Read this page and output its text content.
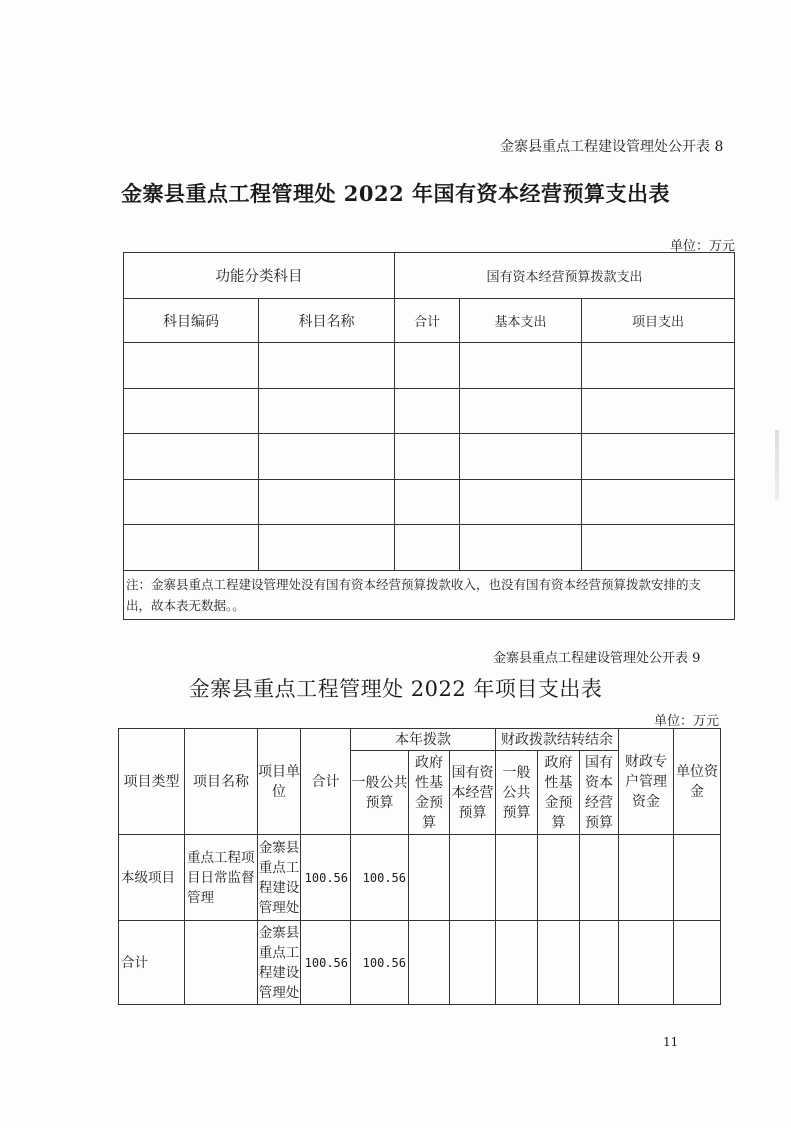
金寨县重点工程建设管理处公开表 8
金寨县重点工程管理处 2022 年国有资本经营预算支出表
单位：万元
功能分类科目		国有资本经营预算拨款支出		
科目编码	科目名称	合计	基本支出	项目支出

注：金寨县重点工程建设管理处没有国有资本经营预算拨款收入，也没有国有资本经营预算拨款安排的支　　出，故本表无数据。。				
金寨县重点工程建设管理处公开表 9
金寨县重点工程管理处 2022 年项目支出表
单位：万元
项目类型	项目名称	项目单位	合计	本年拨款			财政拨款结转结余			财政专户管理资金	单位资金
				一般公共预算	政府性基金预算	国有资本经营预算	一般公共预算	政府性基金预算	国有资本经营预算		
本级项目	重点工程项目日常监督管理	金寨县重点工程建设管理处	100.56	100.56							
合计		金寨县重点工程建设管理处	100.56	100.56							
11
